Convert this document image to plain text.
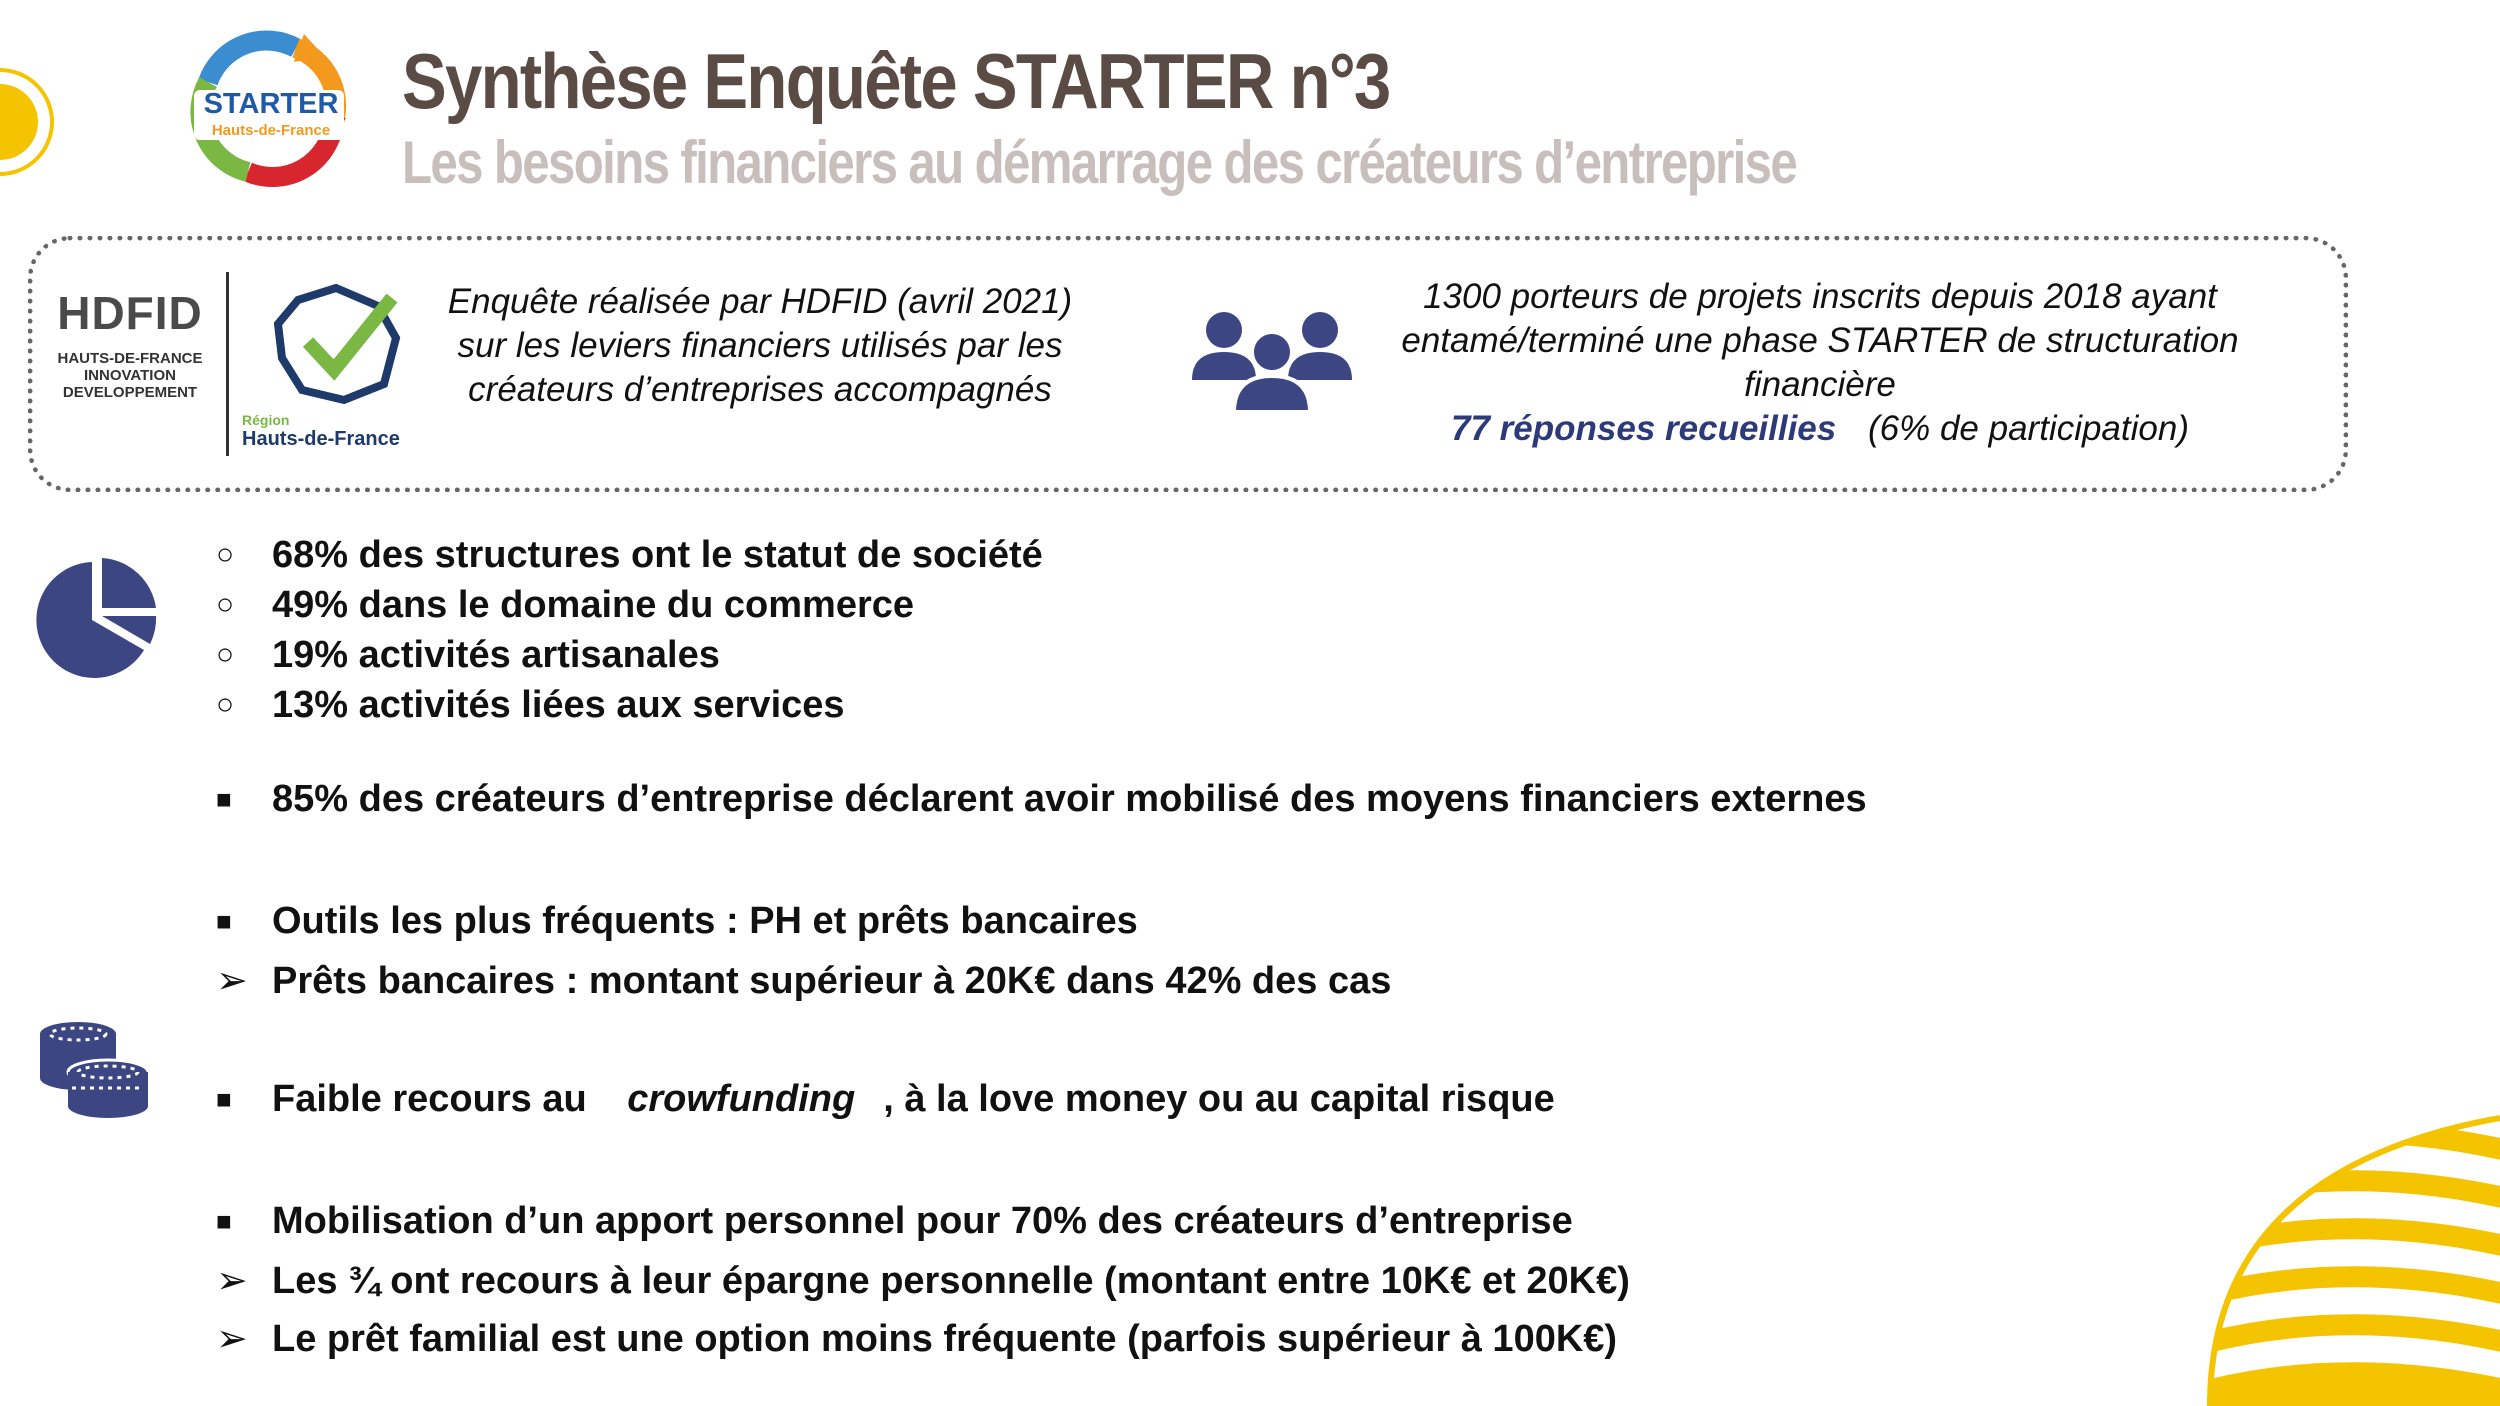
STARTER
Hauts-de-France
Synthèse Enquête STARTER n°3
Les besoins financiers au démarrage des créateurs d’entreprise
HDFID
HAUTS-DE-FRANCE
INNOVATION
DEVELOPPEMENT
Région
Hauts-de-France
Enquête réalisée par HDFID (avril 2021) sur les leviers financiers utilisés par les créateurs d’entreprises accompagnés
1300 porteurs de projets inscrits depuis 2018 ayant entamé/terminé une phase STARTER de structuration financière
77 réponses recueillies (6% de participation)
○ 68% des structures ont le statut de société
○ 49% dans le domaine du commerce
○ 19% activités artisanales
○ 13% activités liées aux services
■	85% des créateurs d’entreprise déclarent avoir mobilisé des moyens financiers externes
■	Outils les plus fréquents : PH et prêts bancaires
➢ Prêts bancaires : montant supérieur à 20K€ dans 42% des cas
■	Faible recours au crowfunding , à la love money ou au capital risque
■	Mobilisation d’un apport personnel pour 70% des créateurs d’entreprise
➢ Les ¾ ont recours à leur épargne personnelle (montant entre 10K€ et 20K€)
➢ Le prêt familial est une option moins fréquente (parfois supérieur à 100K€)
